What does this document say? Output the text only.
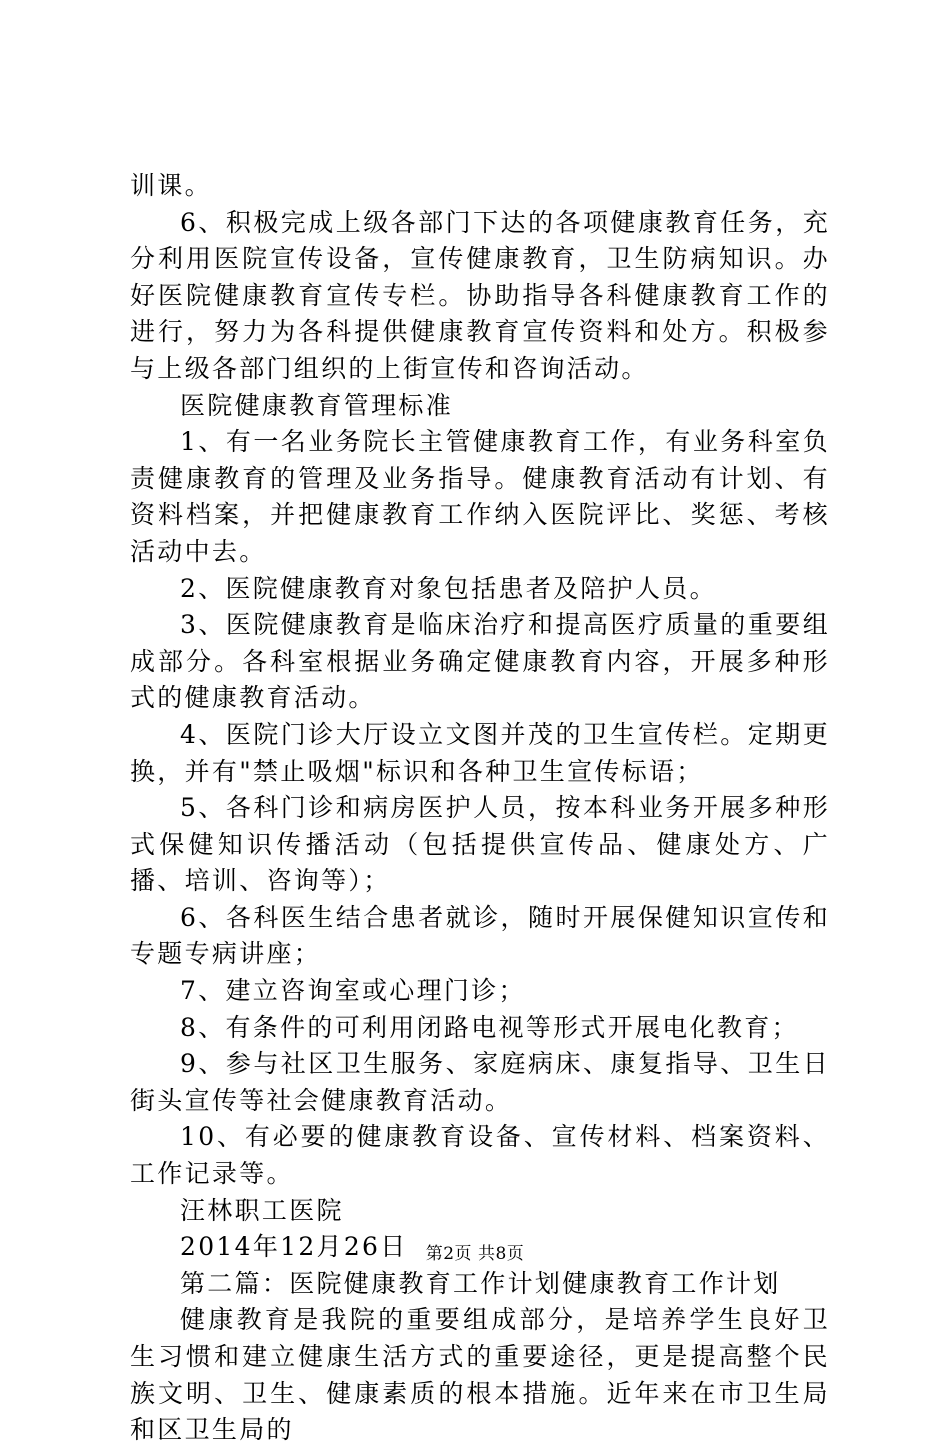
训课。

6、积极完成上级各部门下达的各项健康教育任务，充分利用医院宣传设备，宣传健康教育，卫生防病知识。办好医院健康教育宣传专栏。协助指导各科健康教育工作的进行，努力为各科提供健康教育宣传资料和处方。积极参与上级各部门组织的上街宣传和咨询活动。

医院健康教育管理标准

1、有一名业务院长主管健康教育工作，有业务科室负责健康教育的管理及业务指导。健康教育活动有计划、有资料档案，并把健康教育工作纳入医院评比、奖惩、考核活动中去。

2、医院健康教育对象包括患者及陪护人员。

3、医院健康教育是临床治疗和提高医疗质量的重要组成部分。各科室根据业务确定健康教育内容，开展多种形式的健康教育活动。

4、医院门诊大厅设立文图并茂的卫生宣传栏。定期更换，并有"禁止吸烟"标识和各种卫生宣传标语；

5、各科门诊和病房医护人员，按本科业务开展多种形式保健知识传播活动（包括提供宣传品、健康处方、广播、培训、咨询等）；

6、各科医生结合患者就诊，随时开展保健知识宣传和专题专病讲座；

7、建立咨询室或心理门诊；

8、有条件的可利用闭路电视等形式开展电化教育；

9、参与社区卫生服务、家庭病床、康复指导、卫生日街头宣传等社会健康教育活动。

10、有必要的健康教育设备、宣传材料、档案资料、工作记录等。

汪林职工医院

2014年12月26日

第二篇：医院健康教育工作计划健康教育工作计划

健康教育是我院的重要组成部分，是培养学生良好卫生习惯和建立健康生活方式的重要途径，更是提高整个民族文明、卫生、健康素质的根本措施。近年来在市卫生局和区卫生局的

第2页 共8页
